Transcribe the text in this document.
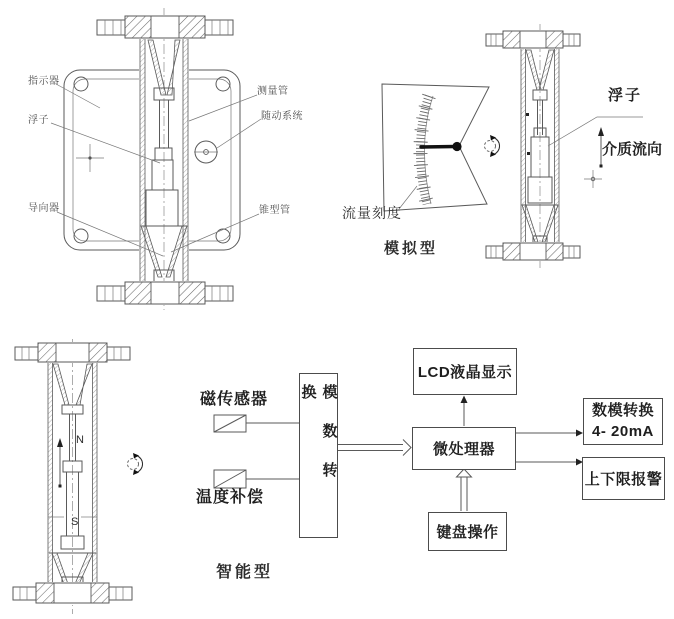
模数转换
LCD液晶显示
微处理器
键盘操作
数模转换
4- 20mA
上下限报警
指示器
浮子
导向器
测量管
随动系统
锥型管	流量刻度
模拟型
浮子
介质流向
N
S
智能型
磁传感器
温度补偿
